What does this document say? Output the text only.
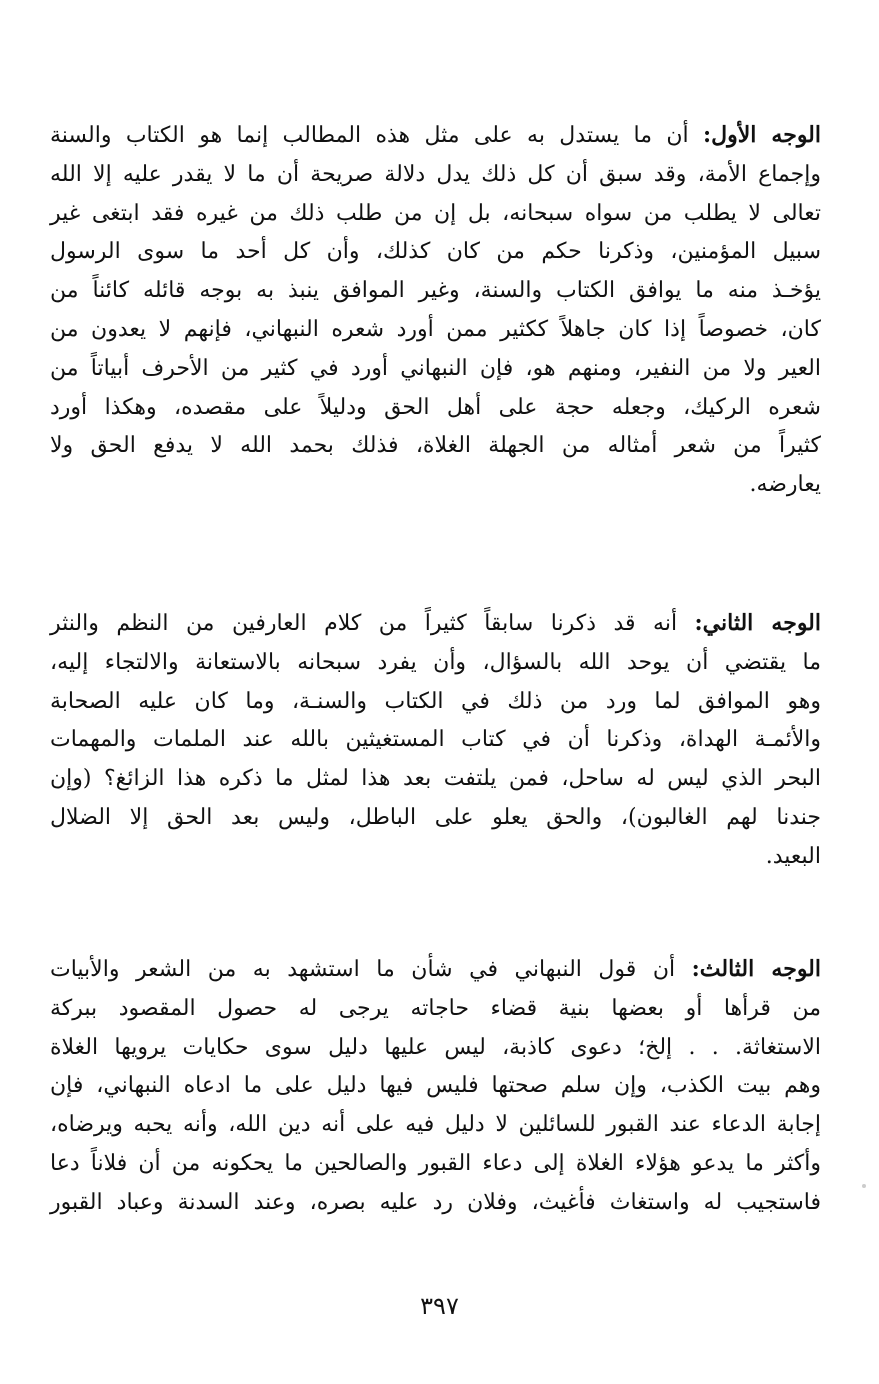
الوجه الأول: أن ما يستدل به على مثل هذه المطالب إنما هو الكتاب والسنة
وإجماع الأمة، وقد سبق أن كل ذلك يدل دلالة صريحة أن ما لا يقدر عليه إلا الله
تعالى لا يطلب من سواه سبحانه، بل إن من طلب ذلك من غيره فقد ابتغى غير
سبيل المؤمنين، وذكرنا حكم من كان كذلك، وأن كل أحد ما سوى الرسول
يؤخـذ منه ما يوافق الكتاب والسنة، وغير الموافق ينبذ به بوجه قائله كائناً من
كان، خصوصاً إذا كان جاهلاً ككثير ممن أورد شعره النبهاني، فإنهم لا يعدون من
العير ولا من النفير، ومنهم هو، فإن النبهاني أورد في كثير من الأحرف أبياتاً من
شعره الركيك، وجعله حجة على أهل الحق ودليلاً على مقصده، وهكذا أورد
كثيراً من شعر أمثاله من الجهلة الغلاة، فذلك بحمد الله لا يدفع الحق ولا
يعارضه.
الوجه الثاني: أنه قد ذكرنا سابقاً كثيراً من كلام العارفين من النظم والنثر
ما يقتضي أن يوحد الله بالسؤال، وأن يفرد سبحانه بالاستعانة والالتجاء إليه،
وهو الموافق لما ورد من ذلك في الكتاب والسنـة، وما كان عليه الصحابة
والأئمـة الهداة، وذكرنا أن في كتاب المستغيثين بالله عند الملمات والمهمات
البحر الذي ليس له ساحل، فمن يلتفت بعد هذا لمثل ما ذكره هذا الزائغ؟ (وإن
جندنا لهم الغالبون)، والحق يعلو على الباطل، وليس بعد الحق إلا الضلال
البعيد.
الوجه الثالث: أن قول النبهاني في شأن ما استشهد به من الشعر والأبيات
من قرأها أو بعضها بنية قضاء حاجاته يرجى له حصول المقصود ببركة
الاستغاثة. . . إلخ؛ دعوى كاذبة، ليس عليها دليل سوى حكايات يرويها الغلاة
وهم بيت الكذب، وإن سلم صحتها فليس فيها دليل على ما ادعاه النبهاني، فإن
إجابة الدعاء عند القبور للسائلين لا دليل فيه على أنه دين الله، وأنه يحبه ويرضاه،
وأكثر ما يدعو هؤلاء الغلاة إلى دعاء القبور والصالحين ما يحكونه من أن فلاناً دعا
فاستجيب له واستغاث فأغيث، وفلان رد عليه بصره، وعند السدنة وعباد القبور
٣٩٧
